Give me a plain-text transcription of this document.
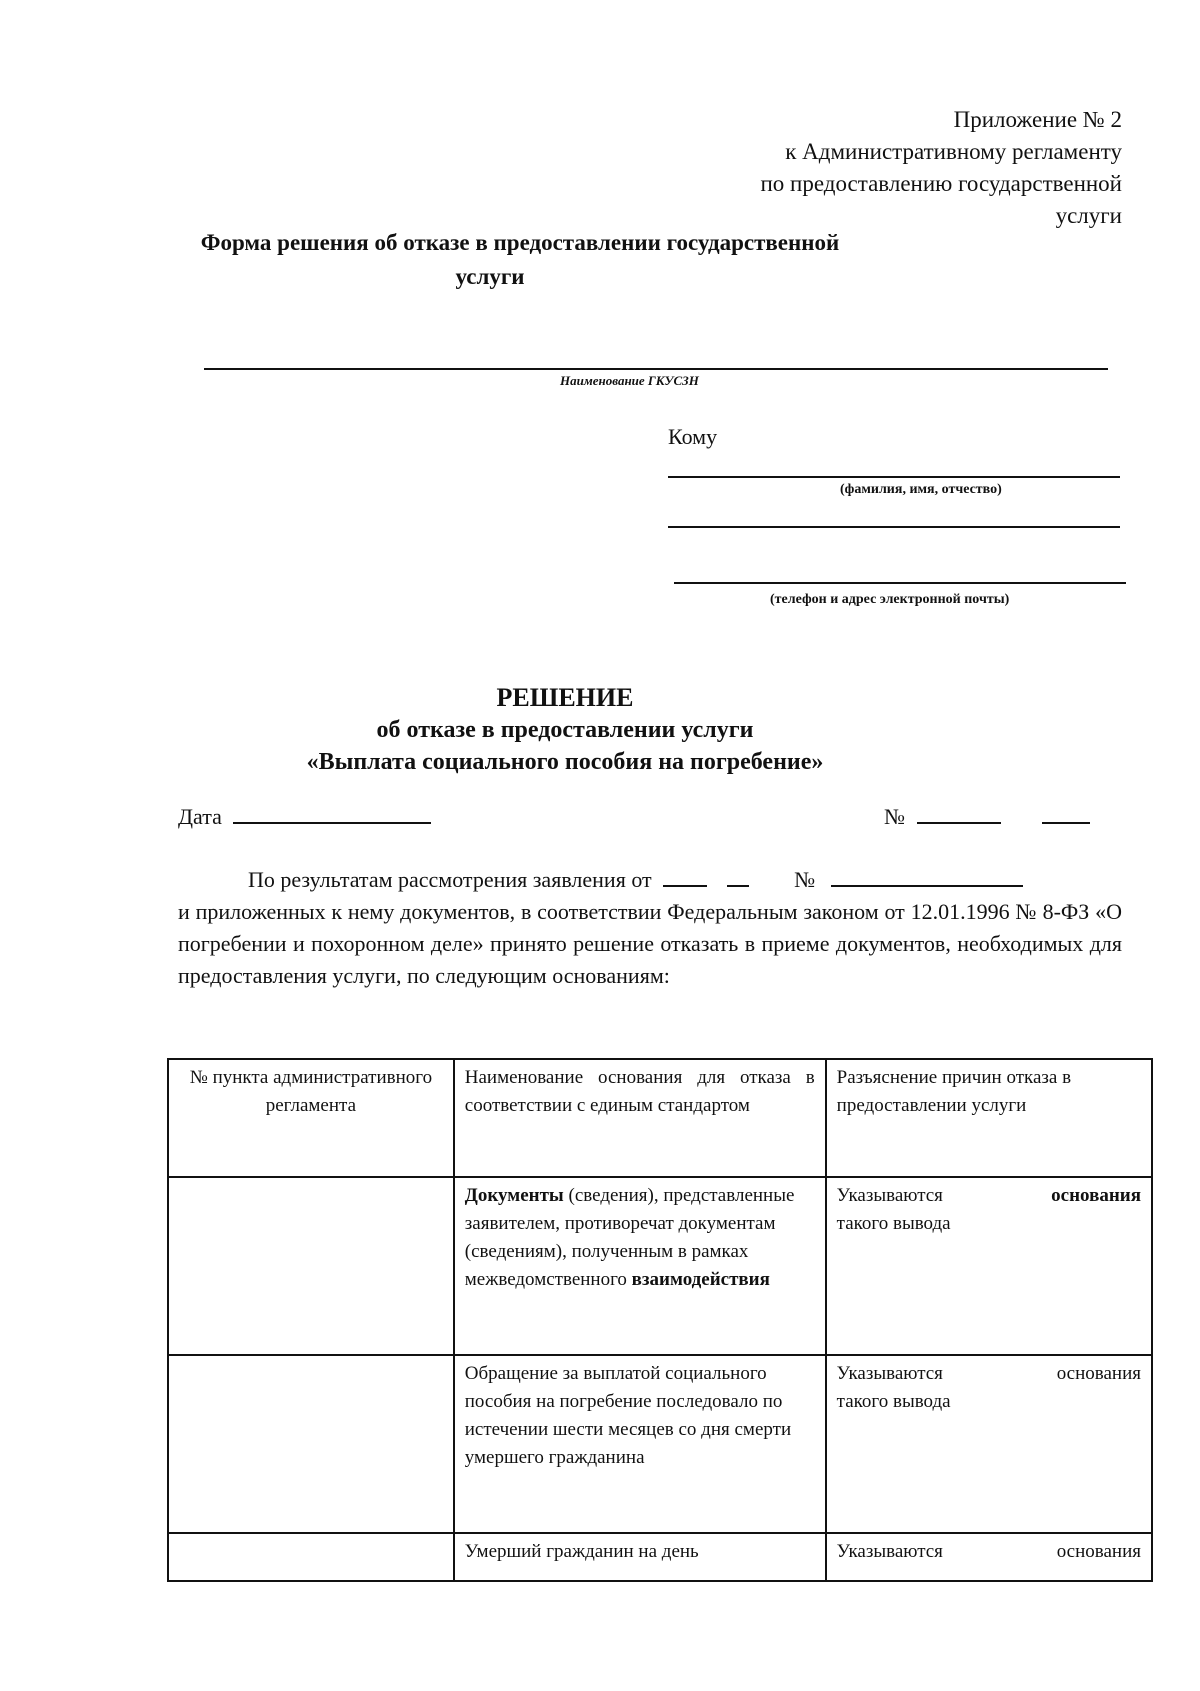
Приложение № 2
к Административному регламенту
по предоставлению государственной
услуги
Форма решения об отказе в предоставлении государственной
услуги
Наименование ГКУСЗН
Кому
(фамилия, имя, отчество)
(телефон и адрес электронной почты)
РЕШЕНИЕ
об отказе в предоставлении услуги
«Выплата социального пособия на погребение»
Дата	№
По результатам рассмотрения заявления от	№
и приложенных к нему документов, в соответствии Федеральным законом от 12.01.1996 № 8-ФЗ «О погребении и похоронном деле» принято решение отказать в приеме документов, необходимых для предоставления услуги, по следующим основаниям:
№ пункта административного регламента	Наименование основания для отказа в соответствии с единым стандартом	Разъяснение причин отказа в предоставлении услуги
	Документы (сведения), представленные заявителем, противоречат документам (сведениям), полученным в рамках межведомственного взаимодействия	Указываются основания
такого вывода

	Обращение за выплатой социального пособия на погребение последовало по истечении шести месяцев со дня смерти умершего гражданина	Указываются основания
такого вывода

	Умерший гражданин на день	Указываются основания
